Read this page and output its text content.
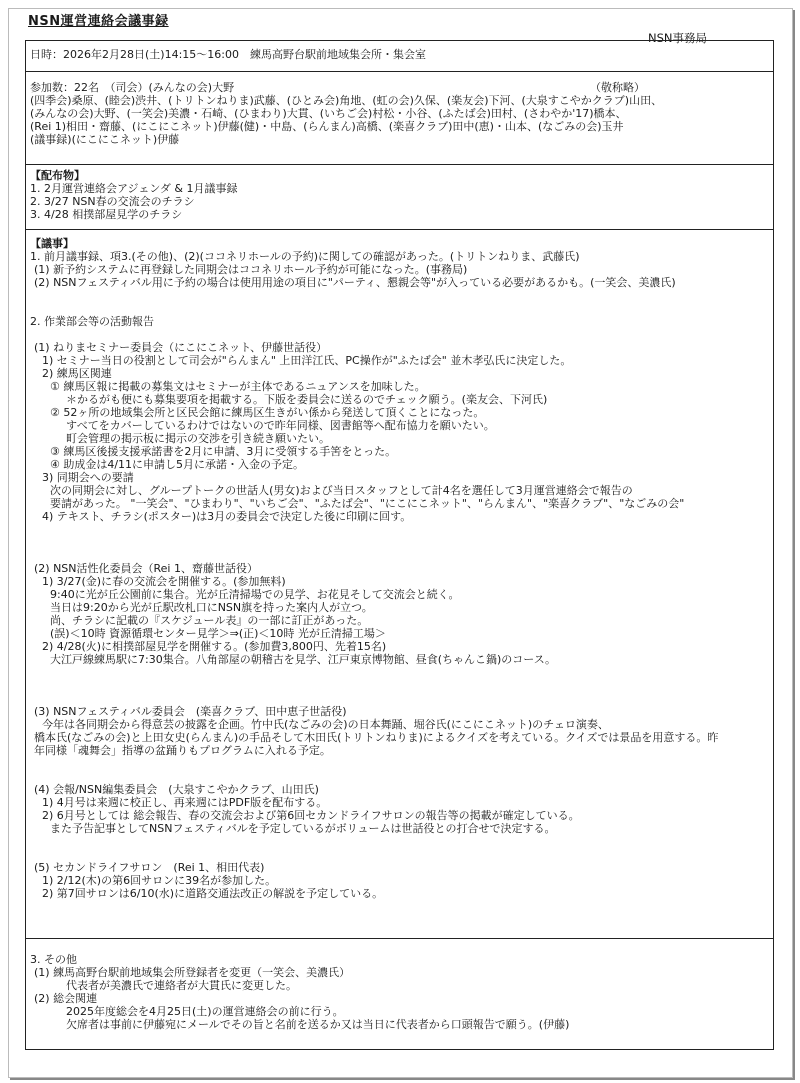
NSN運営連絡会議事録
NSN事務局
日時：2026年2月28日(土)14:15〜16:00　練馬高野台駅前地域集会所・集会室
参加数：22名　（司会）(みんなの会)大野	（敬称略）
(四季会)桑原、(睦会)渋井、(トリトンねりま)武藤、(ひとみ会)角地、(虹の会)久保、(楽友会)下河、(大泉すこやかクラブ)山田、
(みんなの会)大野、(一笑会)美濃・石崎、(ひまわり)大貫、(いちご会)村松・小谷、(ふたば会)田村、(さわやか'17)橋本、
(Rei 1)相田・齋藤、(にこにこネット)伊藤(健)・中島、(らんまん)高橋、(楽喜クラブ)田中(恵)・山本、(なごみの会)玉井
(議事録)(にこにこネット)伊藤
【配布物】
1. 2月運営連絡会アジェンダ & 1月議事録
2. 3/27 NSN春の交流会のチラシ
3. 4/28 相撲部屋見学のチラシ
【議事】
1. 前月議事録、項3.(その他)、(2)(ココネリホールの予約)に関しての確認があった。(トリトンねりま、武藤氏)
(1) 新予約システムに再登録した同期会はココネリホール予約が可能になった。(事務局)
(2) NSNフェスティバル用に予約の場合は使用用途の項目に"パーティ、懇親会等"が入っている必要があるかも。(一笑会、美濃氏)
2. 作業部会等の活動報告
(1) ねりまセミナー委員会（にこにこネット、伊藤世話役）
1) セミナー当日の役割として司会が"らんまん" 上田洋江氏、PC操作が"ふたば会" 並木孝弘氏に決定した。
2) 練馬区関連
① 練馬区報に掲載の募集文はセミナーが主体であるニュアンスを加味した。
＊かるがも便にも募集要項を掲載する。下版を委員会に送るのでチェック願う。(楽友会、下河氏)
② 52ヶ所の地域集会所と区民会館に練馬区生きがい係から発送して頂くことになった。
すべてをカバーしているわけではないので昨年同様、図書館等へ配布協力を願いたい。
町会管理の掲示板に掲示の交渉を引き続き願いたい。
③ 練馬区後援支援承諾書を2月に申請、3月に受領する手筈をとった。
④ 助成金は4/11に申請し5月に承諾・入金の予定。
3) 同期会への要請
次の同期会に対し、グループトークの世話人(男女)および当日スタッフとして計4名を選任して3月運営連絡会で報告の
要請があった。 "一笑会"、"ひまわり"、"いちご会"、"ふたば会"、"にこにこネット"、"らんまん"、"楽喜クラブ"、"なごみの会"
4) テキスト、チラシ(ポスター)は3月の委員会で決定した後に印刷に回す。
(2) NSN活性化委員会（Rei 1、齋藤世話役）
1) 3/27(金)に春の交流会を開催する。(参加無料)
9:40に光が丘公園前に集合。光が丘清掃場での見学、お花見そして交流会と続く。
当日は9:20から光が丘駅改札口にNSN旗を持った案内人が立つ。
尚、チラシに記載の『スケジュール表』の一部に訂正があった。
(誤)＜10時 資源循環センター見学＞⇒(正)＜10時 光が丘清掃工場＞
2) 4/28(火)に相撲部屋見学を開催する。(参加費3,800円、先着15名)
大江戸線練馬駅に7:30集合。八角部屋の朝稽古を見学、江戸東京博物館、昼食(ちゃんこ鍋)のコース。
(3) NSNフェスティバル委員会　(楽喜クラブ、田中恵子世話役)
今年は各同期会から得意芸の披露を企画。竹中氏(なごみの会)の日本舞踊、堀谷氏(にこにこネット)のチェロ演奏、
橋本氏(なごみの会)と上田女史(らんまん)の手品そして木田氏(トリトンねりま)によるクイズを考えている。クイズでは景品を用意する。昨
年同様「魂舞会」指導の盆踊りもプログラムに入れる予定。
(4) 会報/NSN編集委員会　(大泉すこやかクラブ、山田氏)
1) 4月号は来週に校正し、再来週にはPDF版を配布する。
2) 6月号としては 総会報告、春の交流会および第6回セカンドライフサロンの報告等の掲載が確定している。
また予告記事としてNSNフェスティバルを予定しているがボリュームは世話役との打合せで決定する。
(5) セカンドライフサロン　(Rei 1、相田代表)
1) 2/12(木)の第6回サロンに39名が参加した。
2) 第7回サロンは6/10(水)に道路交通法改正の解説を予定している。
3. その他
(1) 練馬高野台駅前地域集会所登録者を変更（一笑会、美濃氏）
代表者が美濃氏で連絡者が大貫氏に変更した。
(2) 総会関連
2025年度総会を4月25日(土)の運営連絡会の前に行う。
欠席者は事前に伊藤宛にメールでその旨と名前を送るか又は当日に代表者から口頭報告で願う。(伊藤)
